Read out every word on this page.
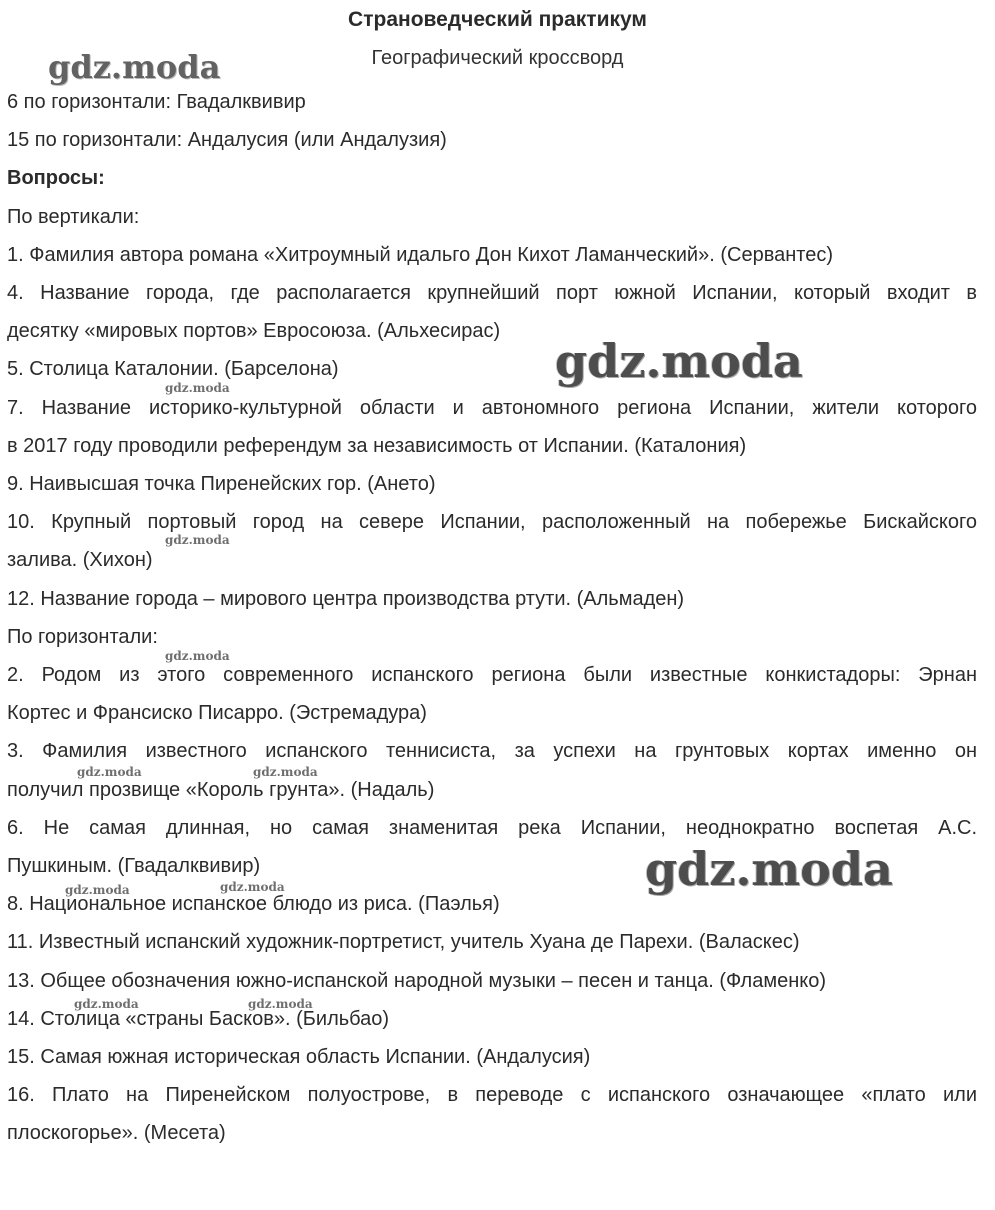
Страноведческий практикум
Географический кроссворд

6 по горизонтали: Гвадалквивир

15 по горизонтали: Андалусия (или Андалузия)

Вопросы:

По вертикали:

1. Фамилия автора романа «Хитроумный идальго Дон Кихот Ламанческий». (Сервантес)

4. Название города, где располагается крупнейший порт южной Испании, который входит в

десятку «мировых портов» Евросоюза. (Альхесирас)

5. Столица Каталонии. (Барселона)

7. Название историко-культурной области и автономного региона Испании, жители которого

в 2017 году проводили референдум за независимость от Испании. (Каталония)

9. Наивысшая точка Пиренейских гор. (Ането)

10. Крупный портовый город на севере Испании, расположенный на побережье Бискайского

залива. (Хихон)

12. Название города – мирового центра производства ртути. (Альмаден)

По горизонтали:

2. Родом из этого современного испанского региона были известные конкистадоры: Эрнан

Кортес и Франсиско Писарро. (Эстремадура)

3. Фамилия известного испанского теннисиста, за успехи на грунтовых кортах именно он

получил прозвище «Король грунта». (Надаль)

6. Не самая длинная, но самая знаменитая река Испании, неоднократно воспетая А.С.

Пушкиным. (Гвадалквивир)

8. Национальное испанское блюдо из риса. (Паэлья)

11. Известный испанский художник-портретист, учитель Хуана де Парехи. (Валаскес)

13. Общее обозначения южно-испанской народной музыки – песен и танца. (Фламенко)

14. Столица «страны Басков». (Бильбао)

15. Самая южная историческая область Испании. (Андалусия)

16. Плато на Пиренейском полуострове, в переводе с испанского означающее «плато или

плоскогорье». (Месета)

gdz.moda
gdz.moda
gdz.moda
gdz.moda
gdz.moda
gdz.moda
gdz.moda	gdz.moda
gdz.moda	gdz.moda
gdz.moda	gdz.moda
